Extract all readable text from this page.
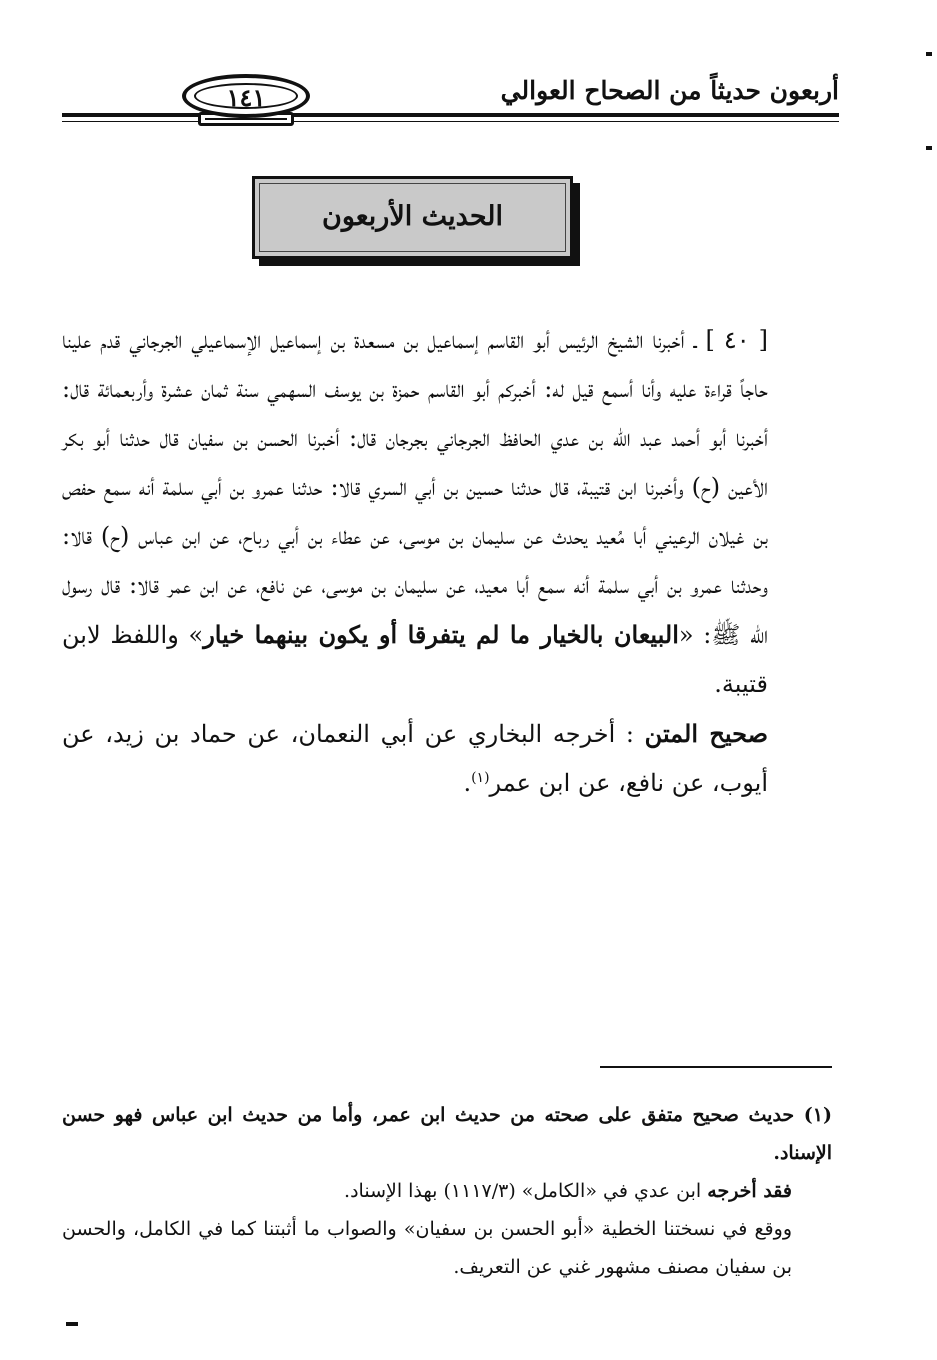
أربعون حديثاً من الصحاح العوالي
١٤١
الحديث الأربعون

[ ٤٠ ] ـ أخبرنا الشيخ الرئيس أبو القاسم إسماعيل بن مسعدة بن إسماعيل الإسماعيلي الجرجاني قدم علينا حاجاً قراءة عليه وأنا أسمع قيل له: أخبركم أبو القاسم حمزة بن يوسف السهمي سنة ثمان عشرة وأربعمائة قال: أخبرنا أبو أحمد عبد الله بن عدي الحافظ الجرجاني بجرجان قال: أخبرنا الحسن بن سفيان قال حدثنا أبو بكر الأعين (ح) وأخبرنا ابن قتيبة، قال حدثنا حسين بن أبي السري قالا: حدثنا عمرو بن أبي سلمة أنه سمع حفص بن غيلان الرعيني أبا مُعيد يحدث عن سليمان بن موسى، عن عطاء بن أبي رباح، عن ابن عباس (ح) قالا: وحدثنا عمرو بن أبي سلمة أنه سمع أبا معيد، عن سليمان بن موسى، عن نافع، عن ابن عمر قالا: قال رسول الله ﷺ: «البيعان بالخيار ما لم يتفرقا أو يكون بينهما خيار» واللفظ لابن قتيبة.

صحيح المتن : أخرجه البخاري عن أبي النعمان، عن حماد بن زيد، عن أيوب، عن نافع، عن ابن عمر$^{(١)}$.

(١) حديث صحيح متفق على صحته من حديث ابن عمر، وأما من حديث ابن عباس فهو حسن الإسناد.

فقد أخرجه ابن عدي في «الكامل» (١١١٧/٣) بهذا الإسناد.

ووقع في نسختنا الخطية «أبو الحسن بن سفيان» والصواب ما أثبتنا كما في الكامل، والحسن بن سفيان مصنف مشهور غني عن التعريف.
